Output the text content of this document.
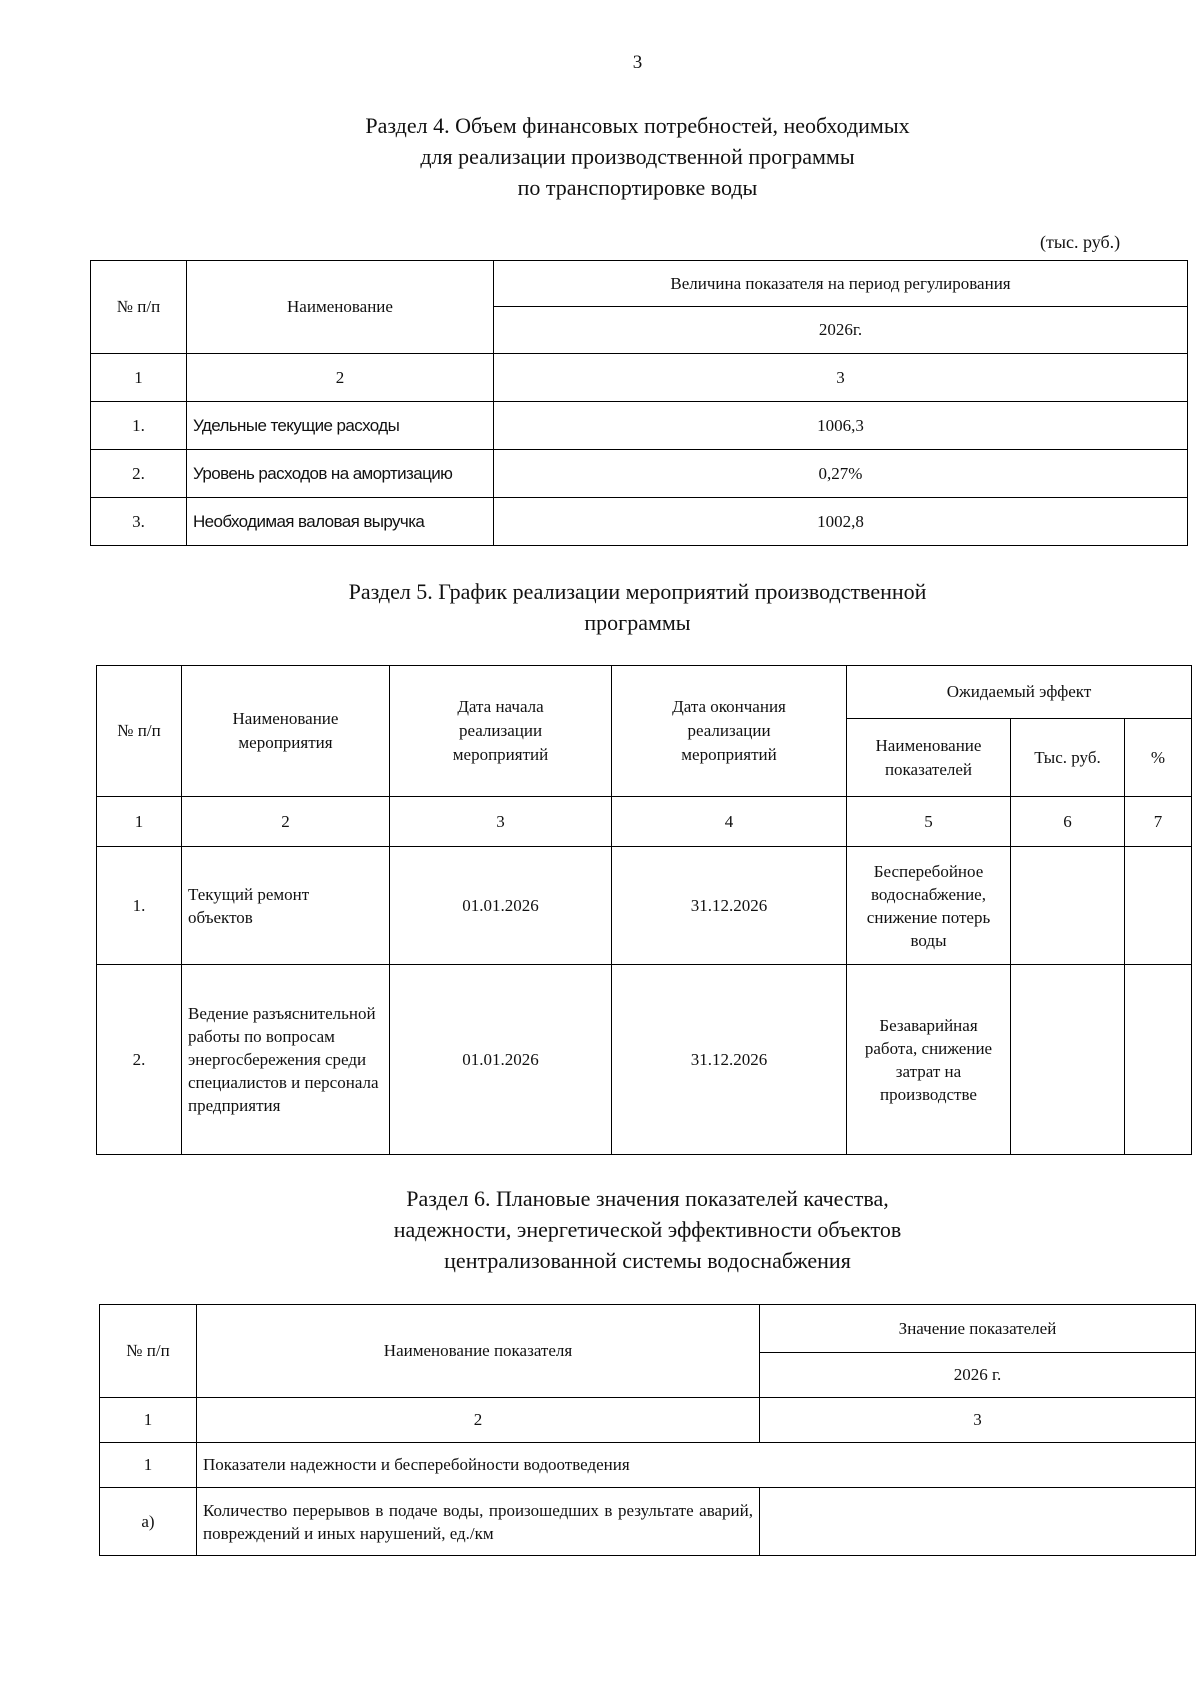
3
Раздел 4. Объем финансовых потребностей, необходимых
для реализации производственной программы
по транспортировке воды
(тыс. руб.)
№ п/п	Наименование	Величина показателя на период регулирования
		2026г.
1	2	3
1.	Удельные текущие расходы	1006,3
2.	Уровень расходов на амортизацию	0,27%
3.	Необходимая валовая выручка	1002,8
Раздел 5. График реализации мероприятий производственной
программы
№ п/п	Наименование мероприятия	Дата начала реализации мероприятий	Дата окончания реализации мероприятий	Ожидаемый эффект		
				Наименование показателей	Тыс. руб.	%
1	2	3	4	5	6	7
1.	Текущий ремонт объектов	01.01.2026	31.12.2026	Бесперебойное водоснабжение, снижение потерь воды		
2.	Ведение разъяснительной работы по вопросам энергосбережения среди специалистов и персонала предприятия	01.01.2026	31.12.2026	Безаварийная работа, снижение затрат на производстве		
Раздел 6. Плановые значения показателей качества,
надежности, энергетической эффективности объектов
централизованной системы водоснабжения
№ п/п	Наименование показателя	Значение показателей
		2026 г.
1	2	3
1	Показатели надежности и бесперебойности водоотведения	
а)	Количество перерывов в подаче воды, произошедших в результате аварий, повреждений и иных нарушений, ед./км	
